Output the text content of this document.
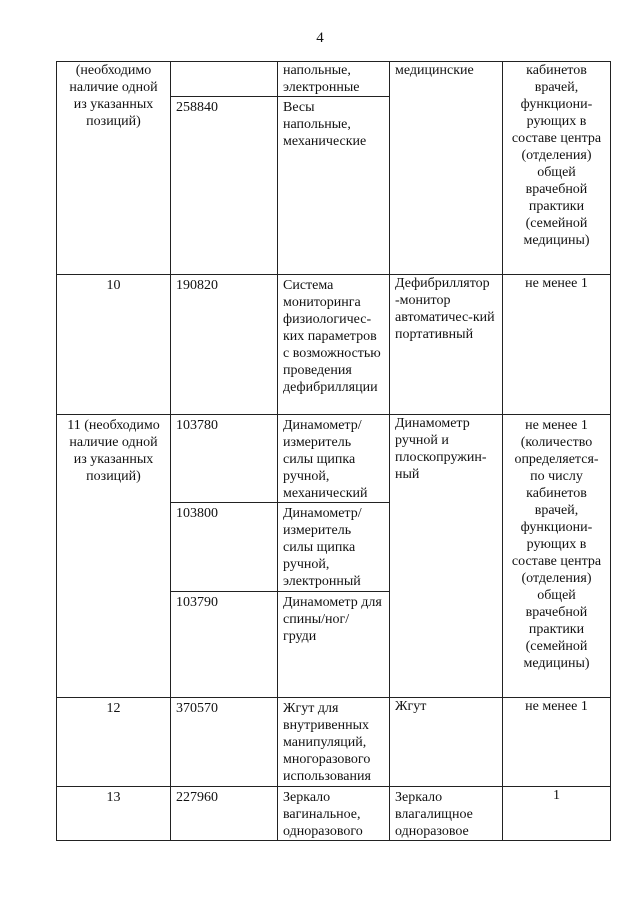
4
(необходимо наличие одной из указанных позиций)		напольные, электронные	медицинские	кабинетов врачей, функциони-рующих в составе центра (отделения) общей врачебной практики (семейной медицины)
	258840	Весы напольные, механические		
10	190820	Система мониторинга физиологичес-ких параметров с возможностью проведения дефибрилляции	Дефибриллятор -монитор автоматичес-кий портативный	не менее 1
11 (необходимо наличие одной из указанных позиций)	103780	Динамометр/ измеритель силы щипка ручной, механический	Динамометр ручной и плоскопружин-ный	не менее 1 (количество определяется-по числу кабинетов врачей, функциони-рующих в составе центра (отделения) общей врачебной практики (семейной медицины)
	103800	Динамометр/ измеритель силы щипка ручной, электронный		
	103790	Динамометр для спины/ног/ груди		
12	370570	Жгут для внутривенных манипуляций, многоразового использования	Жгут	не менее 1
13	227960	Зеркало вагинальное, одноразового	Зеркало влагалищное одноразовое	1
